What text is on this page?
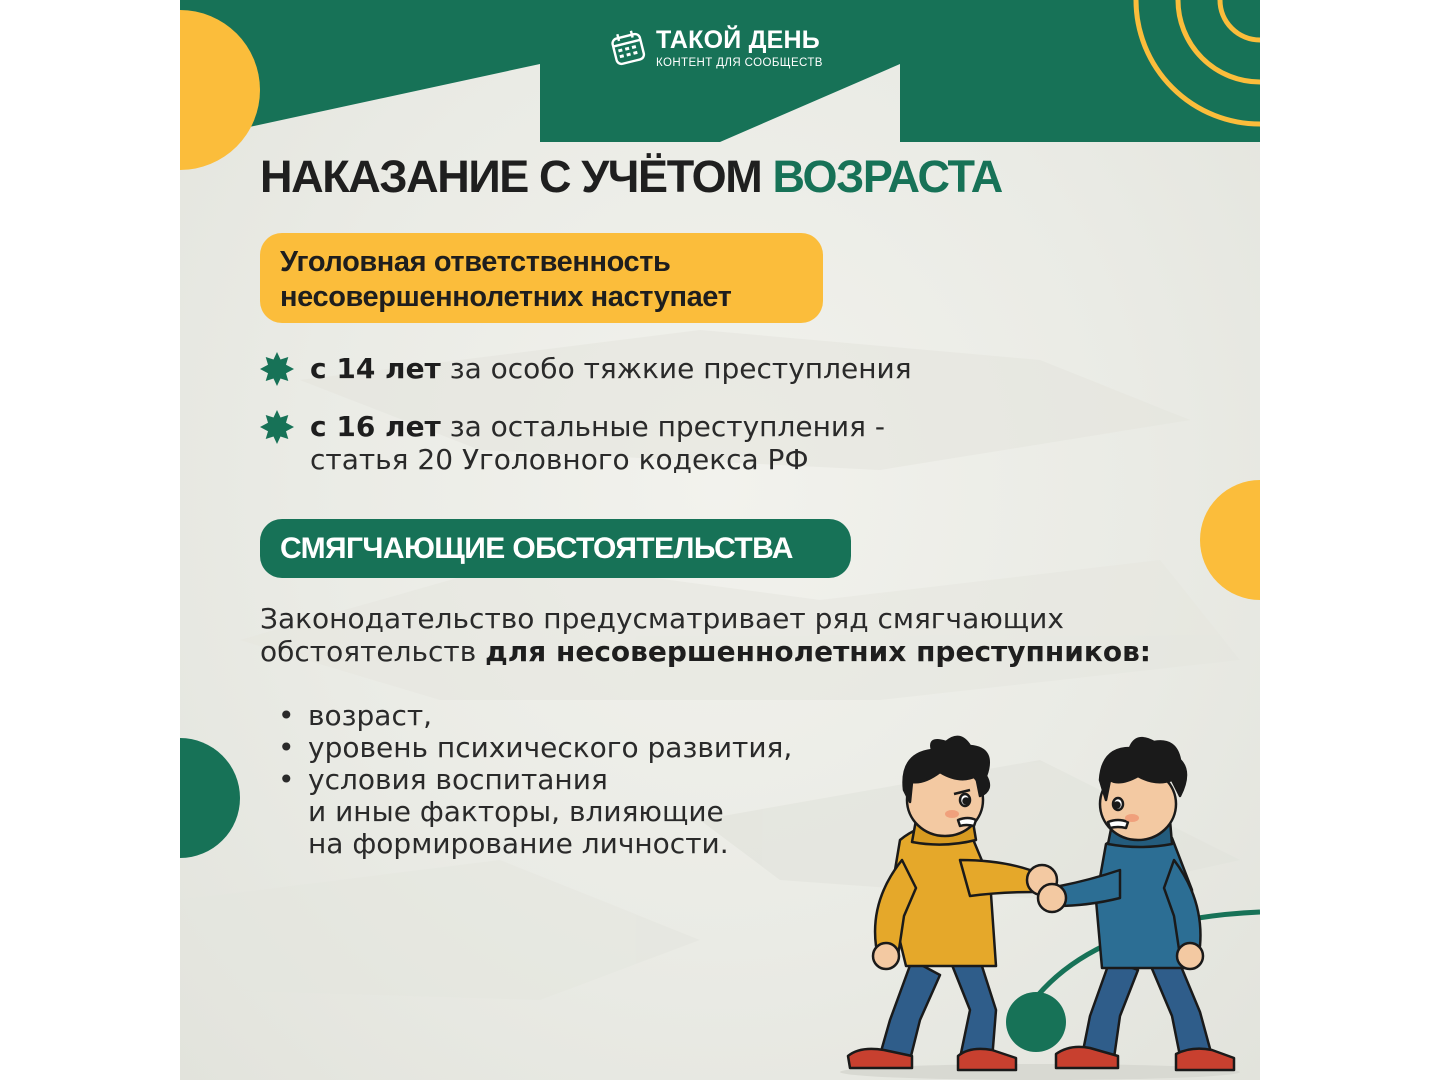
ТАКОЙ ДЕНЬ
КОНТЕНТ ДЛЯ СООБЩЕСТВ
НАКАЗАНИЕ С УЧЁТОМ ВОЗРАСТА
Уголовная ответственность
несовершеннолетних наступает
с 14 лет за особо тяжкие преступления
с 16 лет за остальные преступления -
статья 20 Уголовного кодекса РФ
СМЯГЧАЮЩИЕ ОБСТОЯТЕЛЬСТВА
Законодательство предусматривает ряд смягчающих обстоятельств для несовершеннолетних преступников:
• возраст,
• уровень психического развития,
• условия воспитания
и иные факторы, влияющие
на формирование личности.
